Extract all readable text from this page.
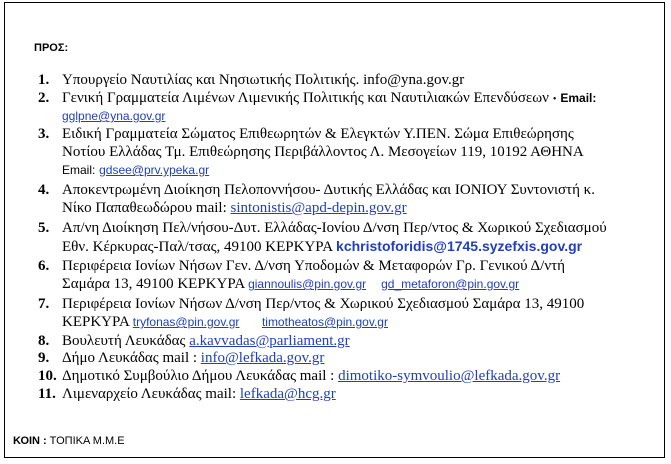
ΠΡΟΣ:
1. Υπουργείο Ναυτιλίας και Νησιωτικής Πολιτικής. info@yna.gov.gr
2. Γενική Γραμματεία Λιμένων Λιμενικής Πολιτικής και Ναυτιλιακών Επενδύσεων • Email:
gglpne@yna.gov.gr
3. Ειδική Γραμματεία Σώματος Επιθεωρητών & Ελεγκτών Υ.ΠΕΝ. Σώμα Επιθεώρησης
Νοτίου Ελλάδας Τμ. Επιθεώρησης Περιβάλλοντος Λ. Μεσογείων 119, 10192 ΑΘΗΝΑ
Email: gdsee@prv.ypeka.gr
4. Αποκεντρωμένη Διοίκηση Πελοποννήσου- Δυτικής Ελλάδας και ΙΟΝΙΟΥ Συντονιστή κ.
Νίκο Παπαθεωδώρου mail: sintonistis@apd-depin.gov.gr
5. Απ/νη Διοίκηση Πελ/νήσου-Δυτ. Ελλάδας-Ιονίου Δ/νση Περ/ντος & Χωρικού Σχεδιασμού
Εθν. Κέρκυρας-Παλ/τσας, 49100 ΚΕΡΚΥΡΑ kchristoforidis@1745.syzefxis.gov.gr
6. Περιφέρεια Ιονίων Νήσων Γεν. Δ/νση Υποδομών & Μεταφορών Γρ. Γενικού Δ/ντή
Σαμάρα 13, 49100 ΚΕΡΚΥΡΑ giannoulis@pin.gov.gr gd_metaforon@pin.gov.gr
7. Περιφέρεια Ιονίων Νήσων Δ/νση Περ/ντος & Χωρικού Σχεδιασμού Σαμάρα 13, 49100
ΚΕΡΚΥΡΑ tryfonas@pin.gov.gr timotheatos@pin.gov.gr
8. Βουλευτή Λευκάδας a.kavvadas@parliament.gr
9. Δήμο Λευκάδας mail : info@lefkada.gov.gr
10. Δημοτικό Συμβούλιο Δήμου Λευκάδας mail : dimotiko-symvoulio@lefkada.gov.gr
11. Λιμεναρχείο Λευκάδας mail: lefkada@hcg.gr
ΚΟΙΝ : ΤΟΠΙΚΑ Μ.Μ.Ε
